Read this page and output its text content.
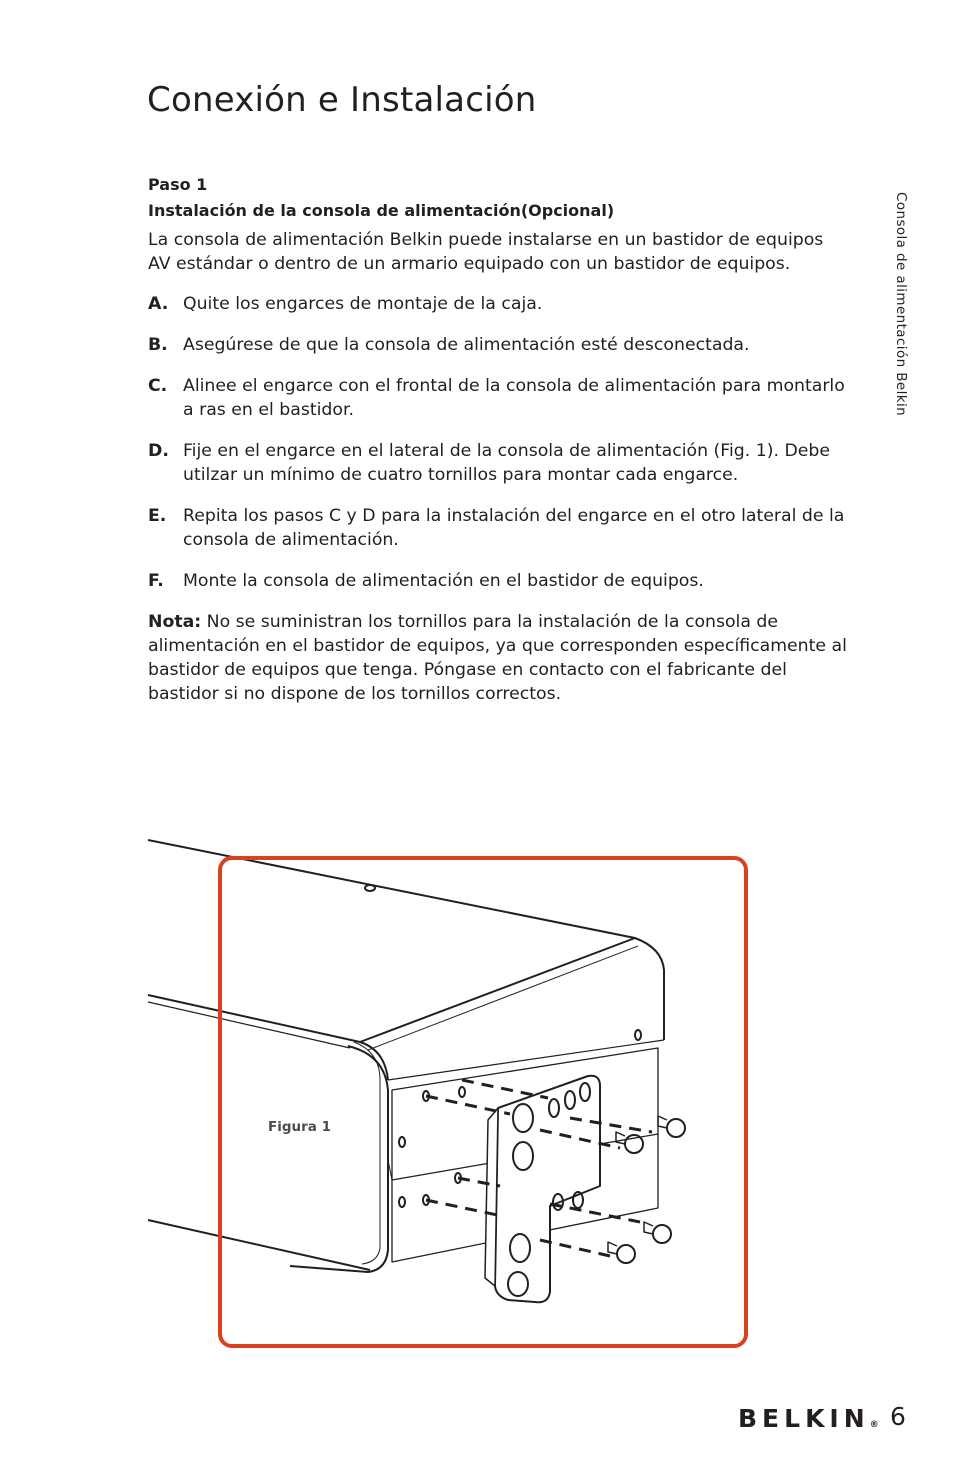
Conexión e Instalación
Consola de alimentación Belkin
Paso 1
Instalación de la consola de alimentación(Opcional)

La consola de alimentación Belkin puede instalarse en un bastidor de equipos AV estándar o dentro de un armario equipado con un bastidor de equipos.

A. Quite los engarces de montaje de la caja.
B. Asegúrese de que la consola de alimentación esté desconectada.
C. Alinee el engarce con el frontal de la consola de alimentación para montarlo a ras en el bastidor.
D. Fije en el engarce en el lateral de la consola de alimentación (Fig. 1). Debe utilzar un mínimo de cuatro tornillos para montar cada engarce.
E. Repita los pasos C y D para la instalación del engarce en el otro lateral de la consola de alimentación.
F. Monte la consola de alimentación en el bastidor de equipos.

Nota: No se suministran los tornillos para la instalación de la consola de alimentación en el bastidor de equipos, ya que corresponden específicamente al bastidor de equipos que tenga. Póngase en contacto con el fabricante del bastidor si no dispone de los tornillos correctos.

Figura 1
BELKIN® 6
